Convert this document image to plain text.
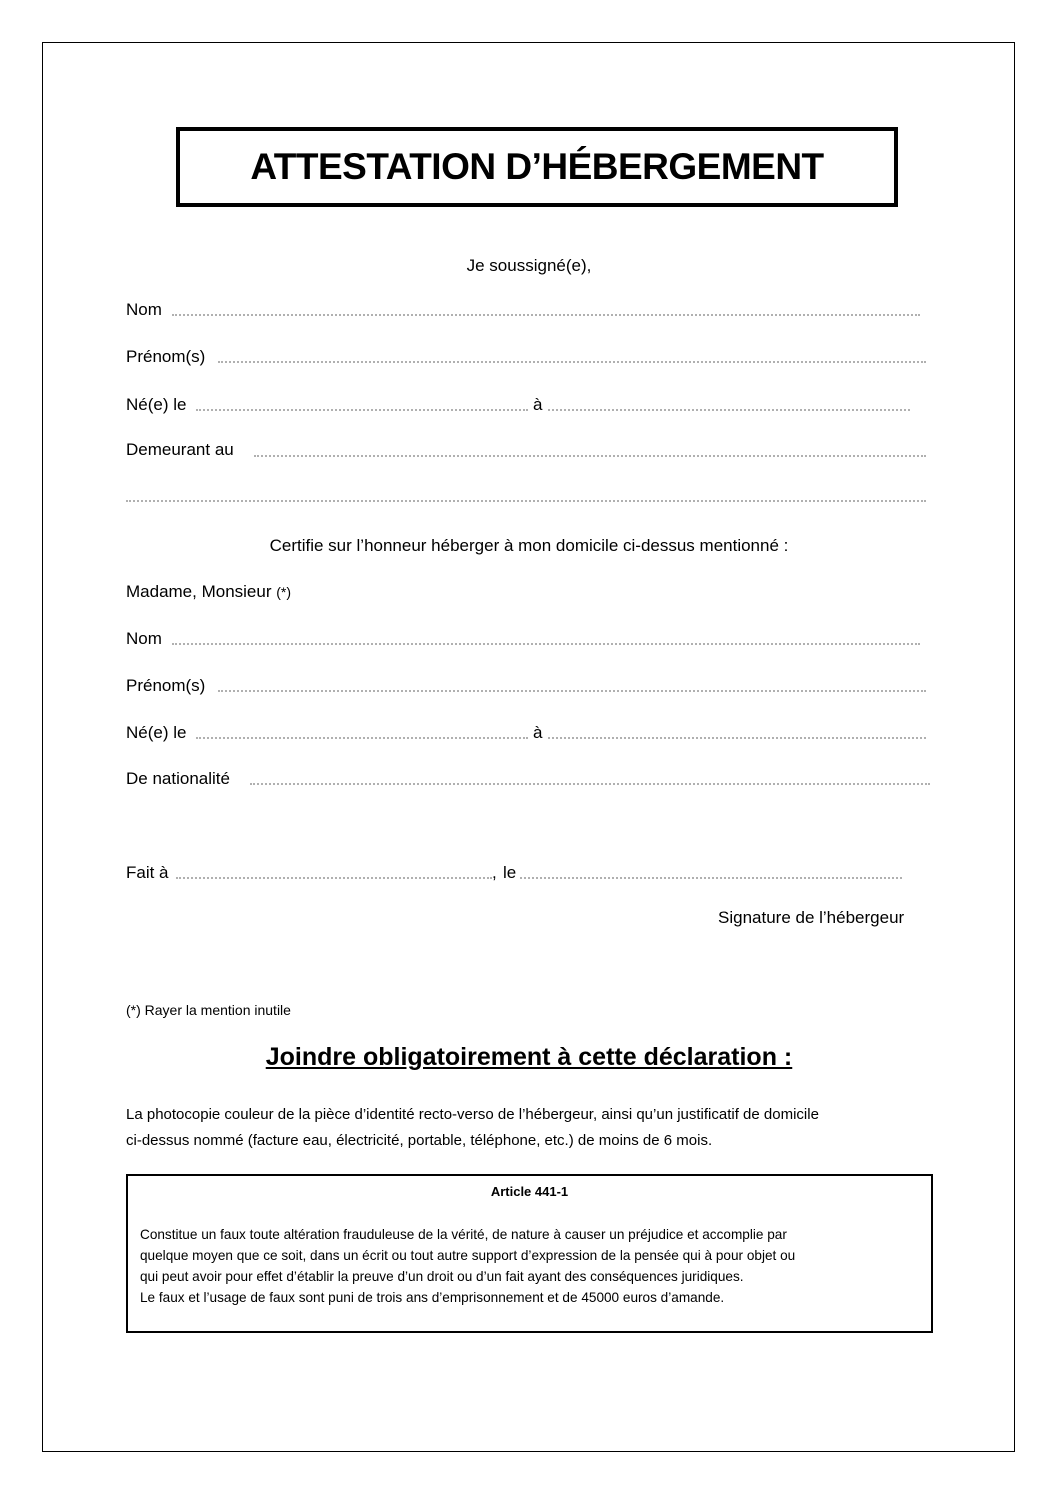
ATTESTATION D’HÉBERGEMENT
Je soussigné(e),
Nom
Prénom(s)
Né(e) le	à
Demeurant au
Certifie sur l’honneur héberger à mon domicile ci-dessus mentionné :
Madame, Monsieur (*)
Nom
Prénom(s)
Né(e) le	à
De nationalité
Fait à	, le
Signature de l’hébergeur
(*) Rayer la mention inutile
Joindre obligatoirement à cette déclaration :
La photocopie couleur de la pièce d’identité recto-verso de l’hébergeur, ainsi qu’un justificatif de domicile
ci-dessus nommé (facture eau, électricité, portable, téléphone, etc.) de moins de 6 mois.
Article 441-1
Constitue un faux toute altération frauduleuse de la vérité, de nature à causer un préjudice et accomplie par
quelque moyen que ce soit, dans un écrit ou tout autre support d’expression de la pensée qui à pour objet ou
qui peut avoir pour effet d’établir la preuve d’un droit ou d’un fait ayant des conséquences juridiques.
Le faux et l’usage de faux sont puni de trois ans d’emprisonnement et de 45000 euros d’amande.
